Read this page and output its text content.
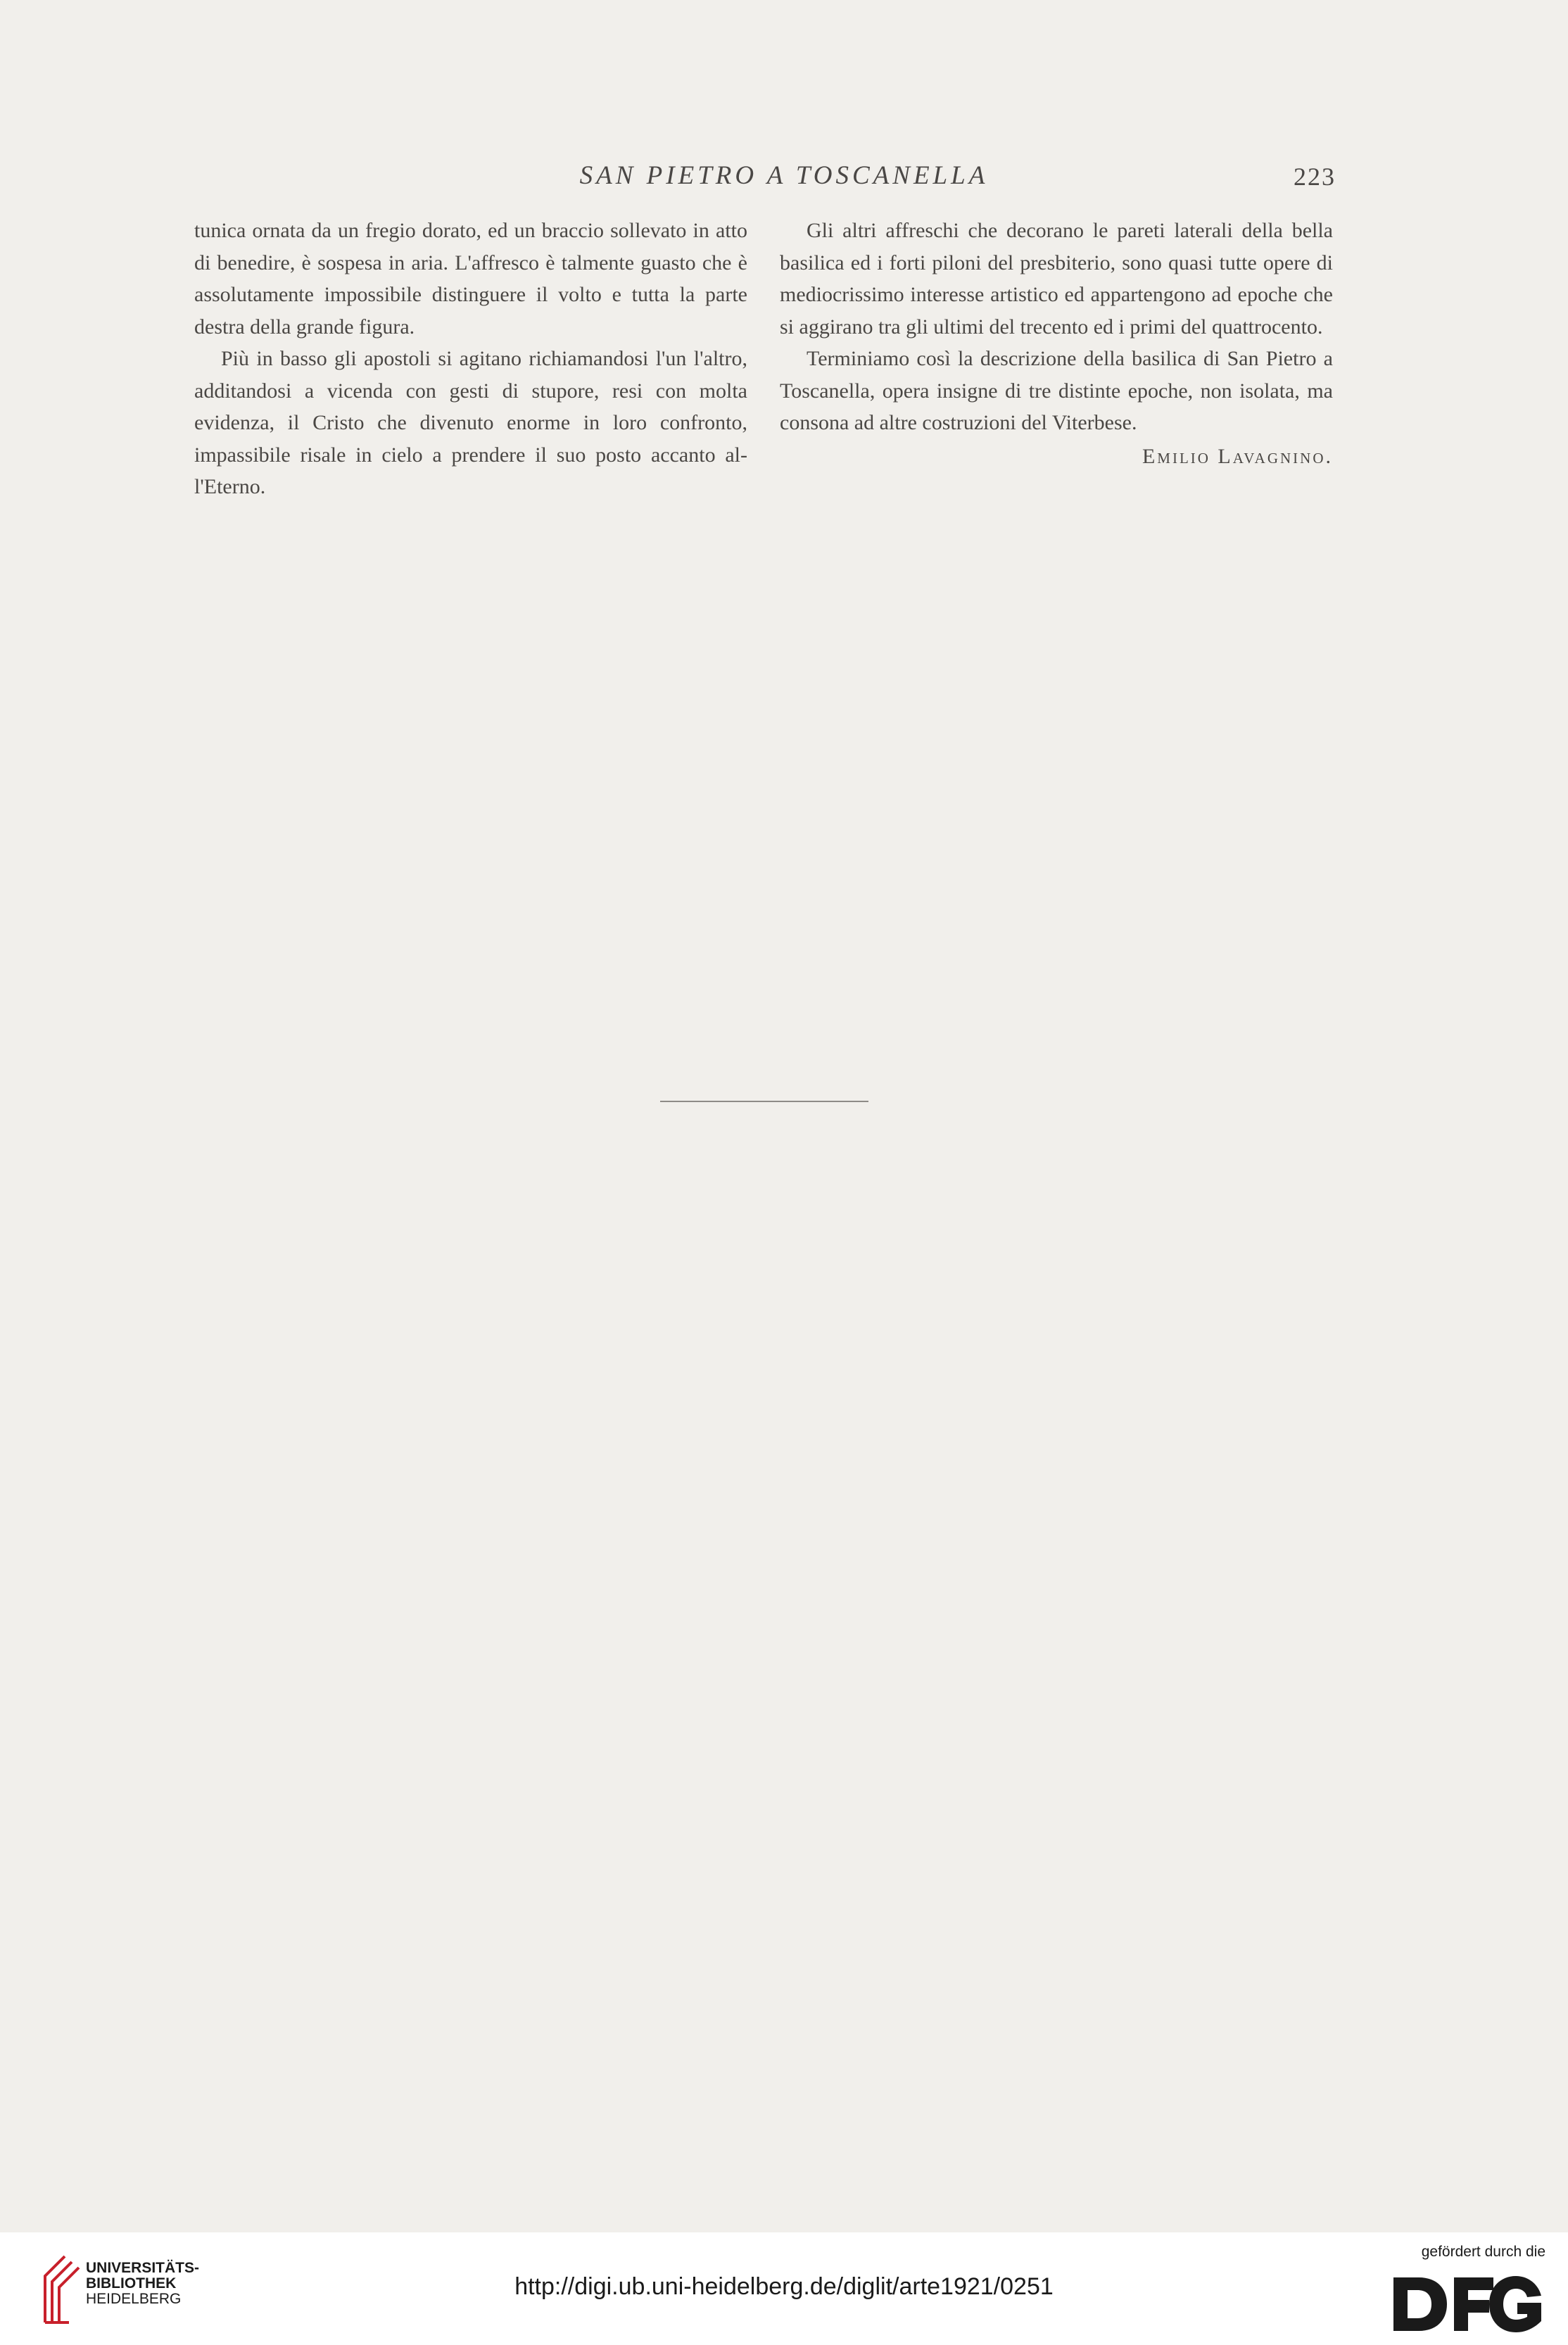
SAN PIETRO A TOSCANELLA	223

tunica ornata da un fregio dorato, ed un braccio sollevato in atto di benedire, è sospesa in aria. L'affresco è talmente guasto che è assolutamente impossibile distinguere il volto e tutta la parte destra della grande figura.

Più in basso gli apostoli si agitano richiamandosi l'un l'altro, additandosi a vicenda con gesti di stupore, resi con molta evidenza, il Cristo che divenuto enorme in loro confronto, impassibile risale in cielo a prendere il suo posto accanto al-l'Eterno.

Gli altri affreschi che decorano le pareti laterali della bella basilica ed i forti piloni del presbiterio, sono quasi tutte opere di mediocrissimo interesse artistico ed appartengono ad epoche che si aggirano tra gli ultimi del trecento ed i primi del quattrocento.

Terminiamo così la descrizione della basilica di San Pietro a Toscanella, opera insigne di tre distinte epoche, non isolata, ma consona ad altre costruzioni del Viterbese.

Emilio Lavagnino.
UNIVERSITÄTS-
BIBLIOTHEK
HEIDELBERG	http://digi.ub.uni-heidelberg.de/diglit/arte1921/0251
gefördert durch die
DFG
